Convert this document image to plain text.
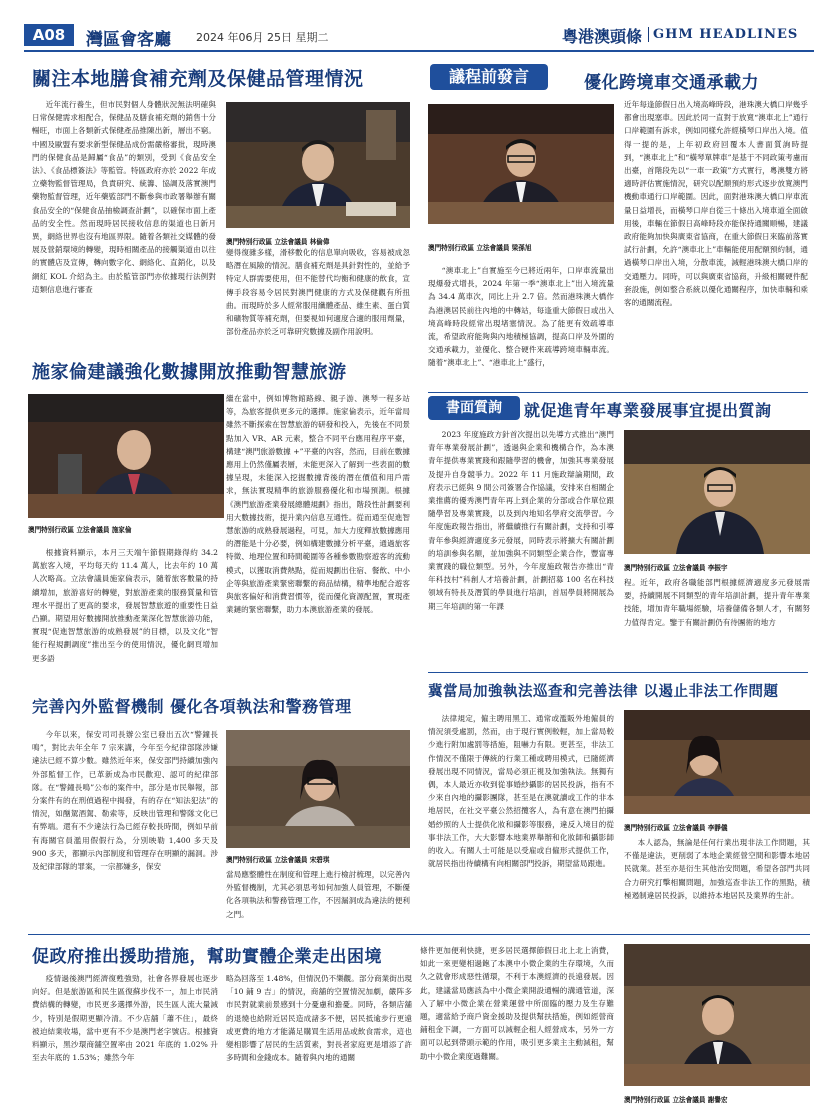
A08	灣區會客廳 2024 年06月 25日 星期二	粵港澳頭條 GHM HEADLINES
關注本地膳食補充劑及保健品管理情況

近年流行養生，但市民對個人身體狀況無法明確與日常保健需求相配合，保健品及膳食補充劑的銷售十分暢旺，市面上各類新式保健產品推陳出新，層出不窮。中國及歐盟有要求新型保健品成份需嚴格審批，現時澳門的保健食品是歸屬“食品”的類別，受到《食品安全法》、《食品標簽法》等監管。特區政府亦於 2022 年成立藥物監督管理局，負責研究、統籌、協調及落實澳門藥物監督管理，近年藥監部門不斷參與市政署舉辦有關食品安全的“保健食品抽檢調查計劃”，以確保市面上產品的安全性。然而現時居民接收信息的渠道也日新月異，網絡世界也沒有地區界限。隨着各類社交媒體的發展及營銷環境的轉變，現時相關產品的接觸渠道由以往的實體店及宣傳，轉向數字化、網絡化、直銷化，以及網紅 KOL 介紹為主。由於監管部門亦依據現行法例對這類信息進行審查

澳門特別行政區 立法會議員 林倫偉

變得復雜多樣，滑移數化的信息單向吸收，容易被成忽略潛在風險的情況。膳食補充劑是具針對性的，並給予特定人群需要使用，但不能替代均衡和健康的飲食，宣傳手段容易令居民對澳門健康的方式及保健觀有所扭曲。而現時於多人經常服用纖體產品、維生素、蛋白質和礦物質等補充劑，但要視如何適度合適的服用劑量，部份產品亦於乏可靠研究數據及副作用說明。

議程前發言	優化跨境車交通承載力
澳門特別行政區 立法會議員 梁孫旭

“澳車北上”自實施至今已將近兩年，口岸車流量出現爆發式增長，2024 年第一季“澳車北上”出入境流量為 34.4 萬車次，同比上升 2.7 倍。然而港珠澳大橋作為港澳居民前往內地的中轉站，每逢重大節假日或出入境高峰時段經常出現堵塞情況。為了能更有效疏導車流，希望政府能夠與內地積極協調，提高口岸及外圍的交通承載力，並優化、整合硬件來疏導跨境車輛車流。隨着“澳車北上”、“港車北上”盛行，

近年每逢節假日出入境高峰時段，港珠澳大橋口岸幾乎都會出現塞車。因此於同一直對于放寬“澳車北上”通行口岸範圍有訴求，例如同樣允許經橫琴口岸出入境。值得一提的是，上年初政府回覆本人書面質詢時提到，“澳車北上”和“橫琴單牌車”是基于不同政策考慮而出臺，首階段先以“一車一政策”方式實行，粵澳雙方將適時評估實施情況，研究以配額預約形式逐步放寬澳門機動車通行口岸範圍。因此，面對港珠澳大橋口岸車流量日益增長，而橫琴口岸自從三十條出入境車道全面啟用後，車輛在節假日高峰時段亦能保持通關順暢，建議政府能夠加快與廣東省協商，在重大節假日來臨前落實試行計劃，允許“澳車北上”車輛能使用配額預約制，通過橫琴口岸出入境，分散車流，減輕港珠澳大橋口岸的交通壓力。同時，可以與廣東省協商，升級相關硬件配套設施，例如整合系統以優化通關程序，加快車輛和乘客的通關流程。

施家倫建議強化數據開放推動智慧旅游
澳門特別行政區 立法會議員 施家倫

根據資料顯示，本月三天端午節假期錄得約 34.2 萬旅客入境，平均每天約 11.4 萬人，比去年約 10 萬人次略高。立法會議員施家倫表示，隨着旅客數量的持續增加，旅游喜好的轉變，對旅游產業的服務質量和管理水平提出了更高的要求，發展智慧旅遊的重要性日益凸顯。期望用好數據開放推動產業深化智慧旅游功能，實現“促進智慧旅游的成熟發展”的目標，以及文化“智能行程規劃調度”推出至今的使用情況，優化網頁增加更多語

繼在當中，例如博物館路線、親子游、澳琴一程多站等，為旅客提供更多元的選擇。施家倫表示，近年當局雖然不斷探索在智慧旅游的研發和投入，先後在不同景點加入 VR、AR 元素，整合不同平台應用程序平臺，構建“澳門旅游數據 +”平臺的內容，然而，目前在數據應用上仍然僅屬表層，未能更深入了解到一些表面的數據呈現，未能深入挖掘數據背後的潛在價值和用戶需求，無法實現精準的旅游服務優化和市場預測。根據《澳門旅游產業發展總體規劃》指出，階段性計劃要利用大數據技術，提升業內信息互通性。從而通至促進智慧旅游的成熟發展過程，可見，加大力度釋放數據應用的潛能是十分必要，例如構建數據分析平臺，通過旅客特徵、地理位置和時間範圍等各種參數勘察遊客的流動模式，以獲取消費熱點，從而規劃出住宿、餐飲、中小企等與旅游產業緊密聯繫的商品結構，精準地配合遊客與旅客偏好和消費習慣等，從而優化資源配置，實現產業鏈的緊密聯繫，助力本澳旅游產業的發展。

書面質詢	就促進青年專業發展事宜提出質詢

2023 年度施政方針首次提出以先導方式推出“澳門青年專業發展計劃”，透過與企業和機構合作，為本澳青年提供專業實踐和跟隨學習的機會，加強其專業發展及提升自身競爭力。2022 年 11 月施政辯論期間，政府表示已經與 9 間公司簽署合作協議，安排來自相關企業推薦的優秀澳門青年再上到企業的分部或合作單位跟隨學習及專業實踐，以及到內地知名學府交流學習。今年度施政報告指出，將繼續推行有關計劃，支持和引導青年參與經濟適度多元發展，同時表示將擴大有關計劃的培訓參與名額，並加強與不同類型企業合作，豐富專業實踐的職位類型。另外，今年度施政報告亦推出“青年科技村”科創人才培養計劃，計劃招募 100 名在科技領域有特長及潛質的學員進行培訓，首屆學員將開展為期三年培訓的第一年課

澳門特別行政區 立法會議員 李振宇

程。近年，政府各職能部門根據經濟適度多元發展需要，持續開展不同類型的青年培訓計劃，提升青年專業技能，增加青年職場經驗，培養儲備各類人才，有關努力值得肯定。鑒于有關計劃仍有待團術的地方

完善內外監督機制 優化各項執法和警務管理

今年以來，保安司司長辦公室已發出五次“警鐘長鳴”，對比去年全年 7 宗來講，今年至今紀律部隊涉嫌違法已經不算少數。雖然近年來，保安部門持續加強內外部監督工作，已革新成為市民歡迎、認可的紀律部隊。在“警鐘長鳴”公布的案件中，部分是市民舉報，部分案件有的在刑偵過程中揭發，有的存在“知法犯法”的情況，如酗駕酒駕、勒索等，反映出管理和警隊文化已有弊端。還有不少違法行為已經存較長時間，例如早前有海關官員濫用假假行為，分別映勒 1,400 多天及 900 多天，都顯示內部制度和管理存在明顯的漏洞。涉及紀律部隊的罪案，一宗都嫌多，保安

澳門特別行政區 立法會議員 宋碧琪

當局應整體性在制度和管理上進行檢討梳理，以完善內外監督機制，尤其必須思考如何加強人員管理，不斷優化各項執法和警務管理工作，不因漏洞成為違法的便利之門。

冀當局加強執法巡查和完善法律 以遏止非法工作問題

法律規定，僱主聘用黑工、通常或濫販外地僱員的情況須受處罰，然而，由于現行實例較輕，加上當局較少進行附加處罰等措施，阻嚇力有限。更甚至，非法工作情況不僅限于傳統的行業工種或聘用模式，已隨經濟發展出現不同情況，當局必須正視及加強執法。無獨有偶，本人最近亦收到從事婚紗攝影的居民投訴，指有不少來自內地的攝影團隊，甚至是在澳就讀或工作的非本地居民，在社交平臺公然招攬客人，為有意在澳門拍攝婚紗照的人士提供化妝和攝影等服務，違反入境目的從事非法工作，大大影響本地業界舉辦和化妝師和攝影師的收入。有關人士可能是以受雇或自僱形式提供工作，就居民指出待續構有向相關部門投訴，期望當局跟進。

澳門特別行政區 立法會議員 李靜儀

本人認為，無論是任何行業出現非法工作問題，其不僅是違法，更削弱了本地企業經營空間和影響本地居民就業。甚至亦是衍生其他治安問題，希望各部門共同合力研究打擊相關問題，加強巡查非法工作的黑點，積極遏制違居民投訴，以維持本地居民及業界的生計。

促政府推出援助措施，幫助實體企業走出困境

疫情過後澳門經濟復甦強勁，社會各界發展也逐步向好。但是旅游區和民生區復蘇步伐不一，加上市民消費結構的轉變，市民更多選擇外游，民生區人流大量減少，特別是假期更顯冷清。不少店舖「蕭不住」，最終被迫結業收場，當中更有不少是澳門老字號店。根據資料顯示，黑沙環商舖空置率由 2021 年底的 1.02% 升至去年底的 1.53%；雖然今年

略為回落至 1.48%，但情況仍不樂觀。部分商業街出現「10 鋪 9 吉」的情況，商舖的空置情況加劇，嚴阵多市民對就業前景感到十分憂慮和擔憂。同時，各類店舖的退燒也給附近居民造成諸多不便，居民抵逾步行更遠或更費的地方才能滿足購買生活用品或飲食需求，這也變相影響了居民的生活質素，對長者家庭更是增添了許多時間和金錢成本。隨着與內地的通關

條件更加便利快捷，更多居民選擇節假日北上北上消費，如此一來更變相過飽了本澳中小微企業的生存環境，久而久之就會形成惡性循環，不利于本澳經濟的長遠發展。因此，建議當局應該為中小微企業開設通暢的溝通管道，深入了解中小微企業在營業運營中所面臨的壓力及生存難題，適當給予商戶資金援助及提供幫扶措施，例如經營商鋪租金下調，一方面可以減輕企租人經營成本，另外一方面可以起到帶頭示範的作用，吸引更多業主主動減租，幫助中小微企業度過難關。

澳門特別行政區 立法會議員 謝譽宏
